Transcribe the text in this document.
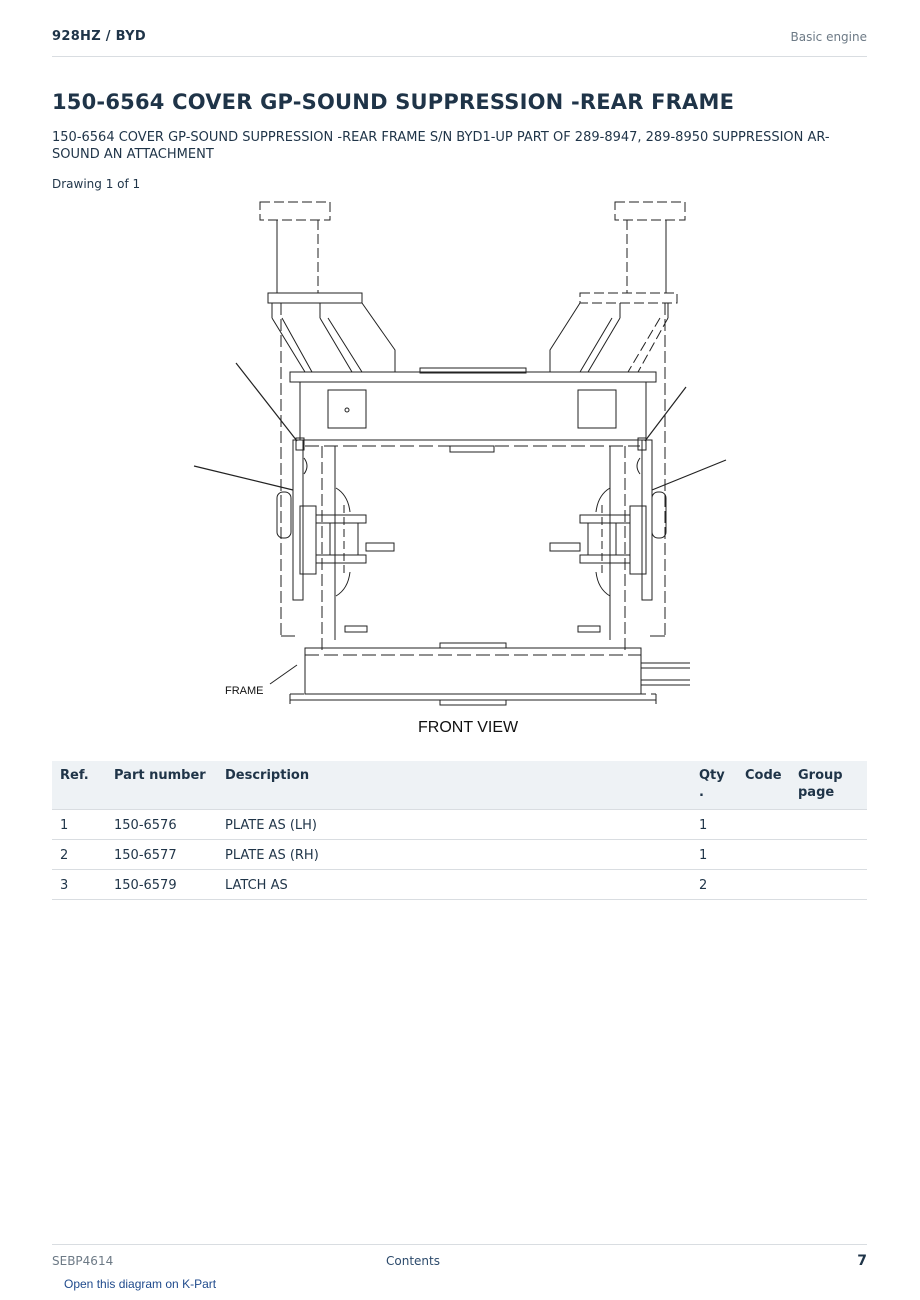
928HZ / BYD	Basic engine
150-6564 COVER GP-SOUND SUPPRESSION -REAR FRAME

150-6564 COVER GP-SOUND SUPPRESSION -REAR FRAME S/N BYD1-UP PART OF 289-8947, 289-8950 SUPPRESSION AR-SOUND AN ATTACHMENT

Drawing 1 of 1
FRAME
FRONT VIEW
Ref.	Part number	Description	Qty .	Code	Group page
1	150-6576	PLATE AS (LH)	1		
2	150-6577	PLATE AS (RH)	1		
3	150-6579	LATCH AS	2		
SEBP4614	Contents	7
Open this diagram on K-Part
